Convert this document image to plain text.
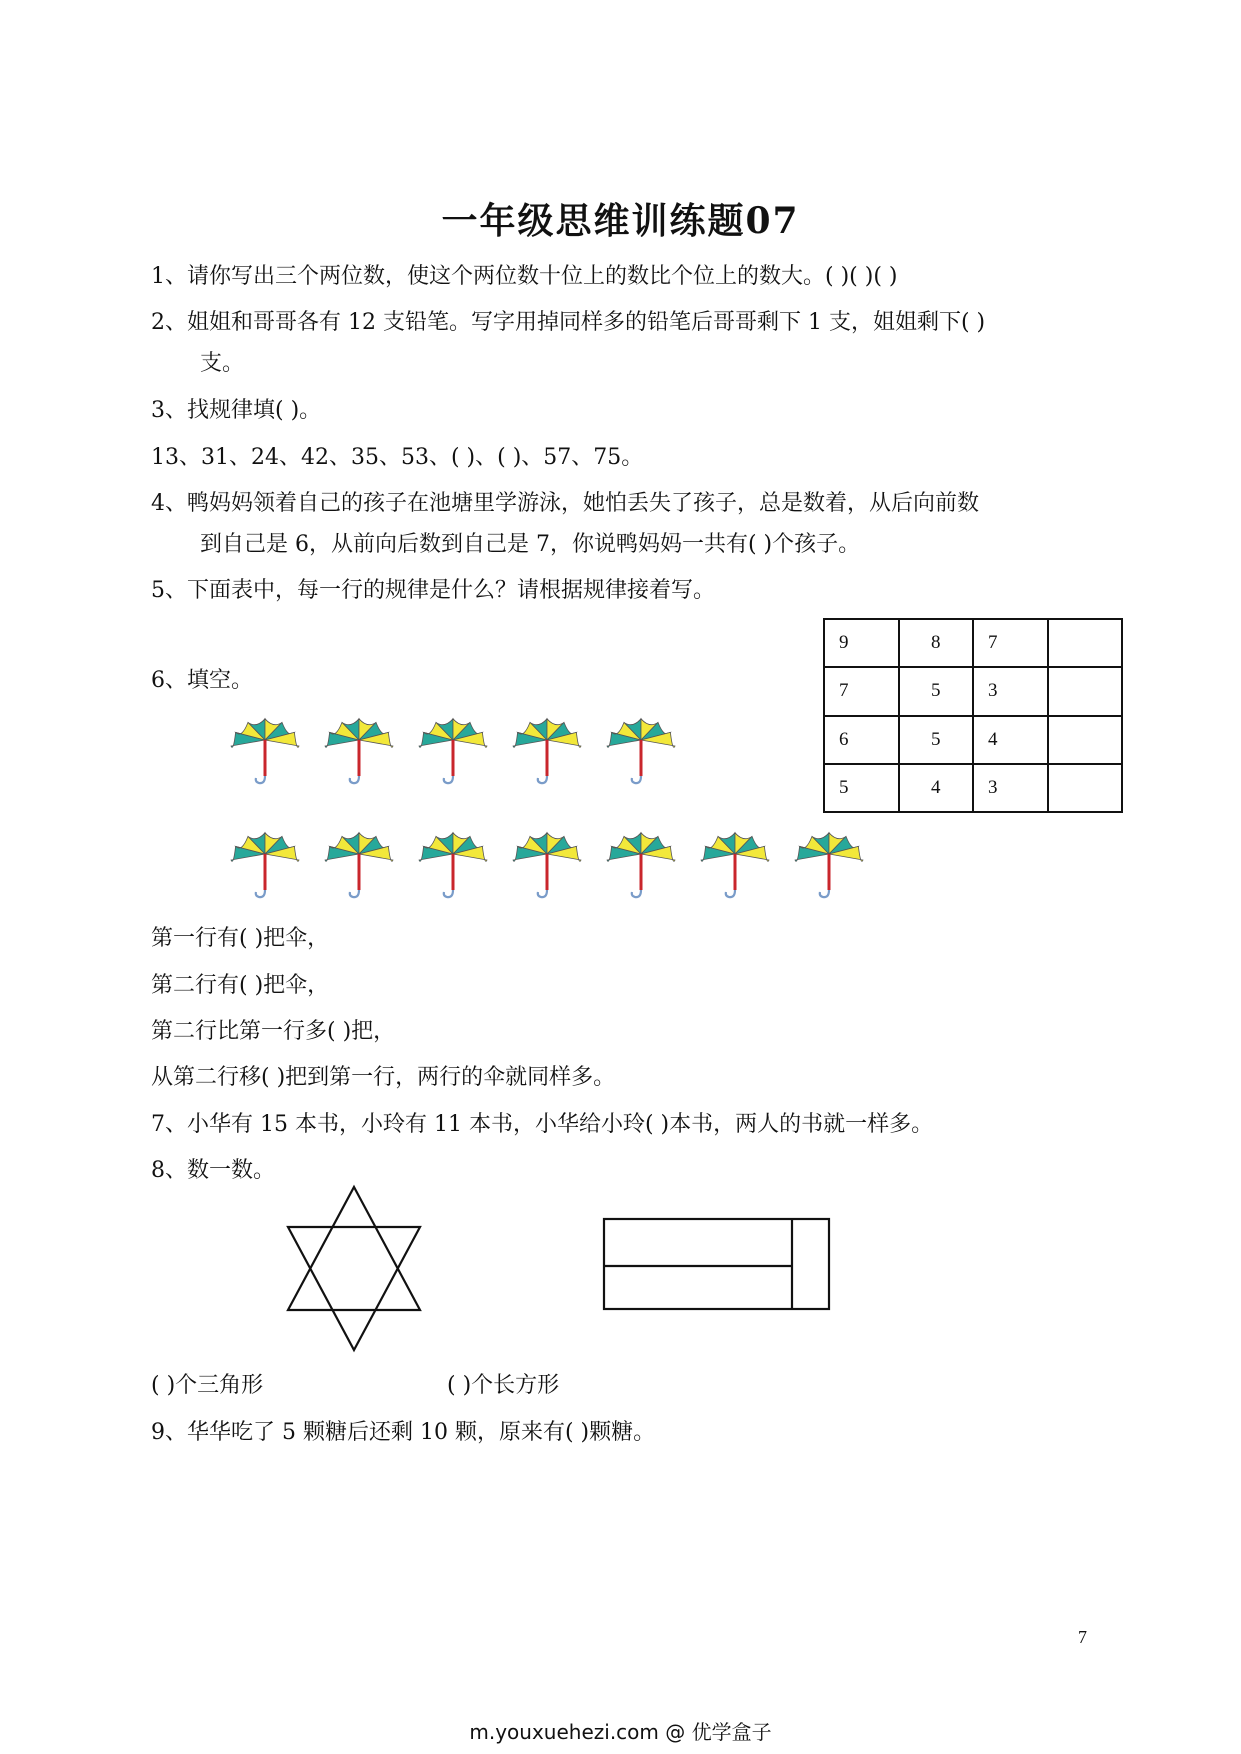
一年级思维训练题07
1、请你写出三个两位数，使这个两位数十位上的数比个位上的数大。( )( )( )
2、姐姐和哥哥各有 12 支铅笔。写字用掉同样多的铅笔后哥哥剩下 1 支，姐姐剩下( )
支。
3、找规律填( )。
13、31、24、42、35、53、( )、( )、57、75。
4、鸭妈妈领着自己的孩子在池塘里学游泳，她怕丢失了孩子，总是数着，从后向前数
到自己是 6，从前向后数到自己是 7，你说鸭妈妈一共有( )个孩子。
5、下面表中，每一行的规律是什么？请根据规律接着写。
9	8	7	
7	5	3	
6	5	4	
5	4	3	
6、填空。
第一行有( )把伞，
第二行有( )把伞，
第二行比第一行多( )把，
从第二行移( )把到第一行，两行的伞就同样多。
7、小华有 15 本书，小玲有 11 本书，小华给小玲( )本书，两人的书就一样多。
8、数一数。
( )个三角形	( )个长方形
9、华华吃了 5 颗糖后还剩 10 颗，原来有( )颗糖。
7
m.youxuehezi.com @ 优学盒子
